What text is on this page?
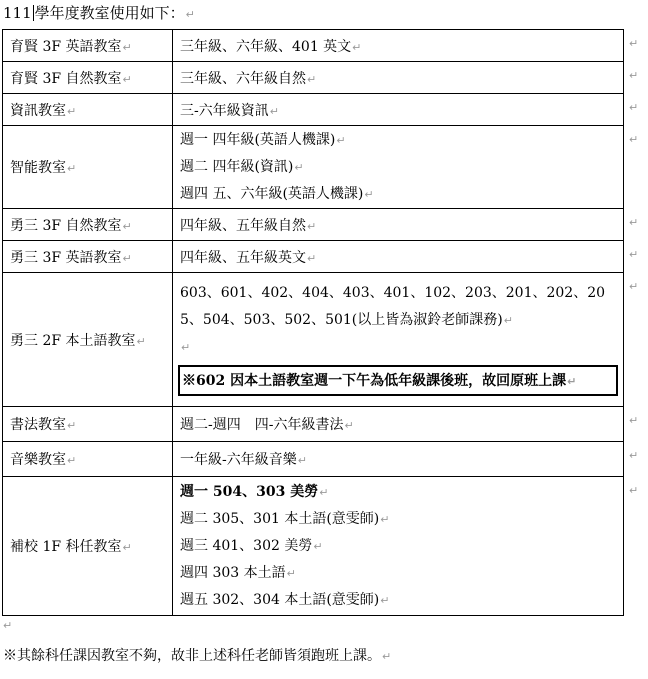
111 學年度教室使用如下：↵
育賢 3F 英語教室↵	三年級、六年級、401 英文↵
育賢 3F 自然教室↵	三年級、六年級自然↵
資訊教室↵	三-六年級資訊↵
智能教室↵	週一 四年級(英語人機課)↵
週二 四年級(資訊)↵
週四 五、六年級(英語人機課)↵

勇三 3F 自然教室↵	四年級、五年級自然↵
勇三 3F 英語教室↵	四年級、五年級英文↵
勇三 2F 本土語教室↵	603、601、402、404、403、401、102、203、201、202、205、504、503、502、501(以上皆為淑鈴老師課務)↵
↵
※602 因本土語教室週一下午為低年級課後班，故回原班上課↵
書法教室↵	週二-週四　四-六年級書法↵
音樂教室↵	一年級-六年級音樂↵
補校 1F 科任教室↵	週一 504、303 美勞↵
週二 305、301 本土語(意雯師)↵
週三 401、302 美勞↵
週四 303 本土語↵
週五 302、304 本土語(意雯師)↵
↵
↵
↵
↵
↵
↵
↵
↵
↵
↵
↵
※其餘科任課因教室不夠，故非上述科任老師皆須跑班上課。↵
